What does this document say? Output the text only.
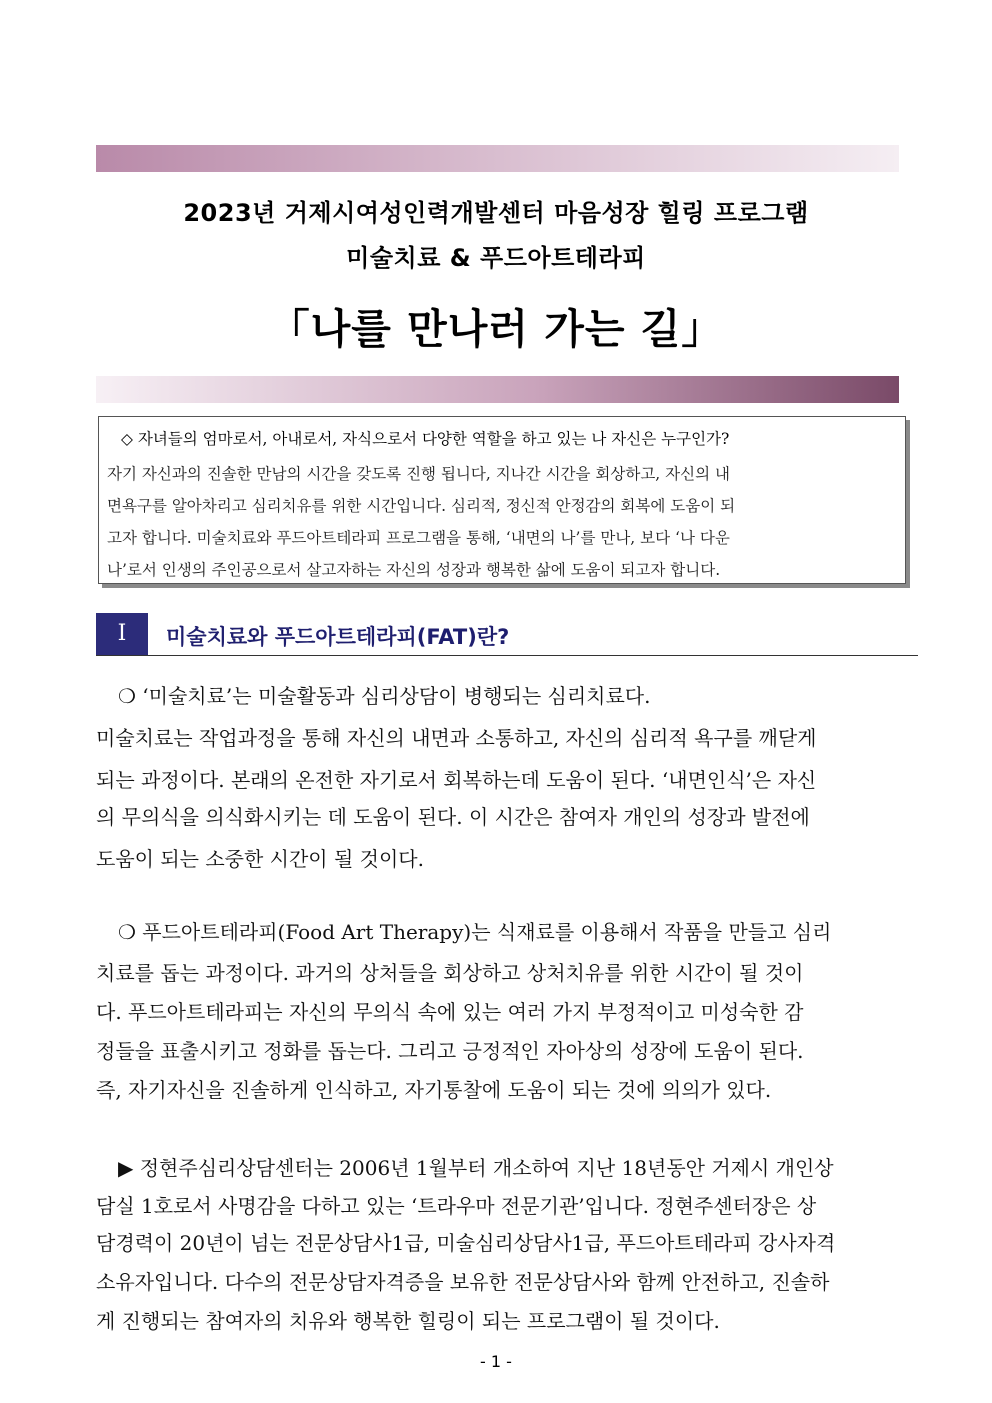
2023년 거제시여성인력개발센터 마음성장 힐링 프로그램
미술치료 & 푸드아트테라피
「나를 만나러 가는 길」
◇ 자녀들의 엄마로서, 아내로서, 자식으로서 다양한 역할을 하고 있는 나 자신은 누구인가?
자기 자신과의 진솔한 만남의 시간을 갖도록 진행 됩니다, 지나간 시간을 회상하고, 자신의 내
면욕구를 알아차리고 심리치유를 위한 시간입니다. 심리적, 정신적 안정감의 회복에 도움이 되
고자 합니다. 미술치료와 푸드아트테라피 프로그램을 통해, ‘내면의 나’를 만나, 보다 ‘나 다운
나’로서 인생의 주인공으로서 살고자하는 자신의 성장과 행복한 삶에 도움이 되고자 합니다.
I	미술치료와 푸드아트테라피(FAT)란?
❍ ‘미술치료’는 미술활동과 심리상담이 병행되는 심리치료다.
미술치료는 작업과정을 통해 자신의 내면과 소통하고, 자신의 심리적 욕구를 깨닫게
되는 과정이다. 본래의 온전한 자기로서 회복하는데 도움이 된다. ‘내면인식’은 자신
의 무의식을 의식화시키는 데 도움이 된다. 이 시간은 참여자 개인의 성장과 발전에
도움이 되는 소중한 시간이 될 것이다.
❍ 푸드아트테라피(Food Art Therapy)는 식재료를 이용해서 작품을 만들고 심리
치료를 돕는 과정이다. 과거의 상처들을 회상하고 상처치유를 위한 시간이 될 것이
다. 푸드아트테라피는 자신의 무의식 속에 있는 여러 가지 부정적이고 미성숙한 감
정들을 표출시키고 정화를 돕는다. 그리고 긍정적인 자아상의 성장에 도움이 된다.
즉, 자기자신을 진솔하게 인식하고, 자기통찰에 도움이 되는 것에 의의가 있다.
▶ 정현주심리상담센터는 2006년 1월부터 개소하여 지난 18년동안 거제시 개인상
담실 1호로서 사명감을 다하고 있는 ‘트라우마 전문기관’입니다. 정현주센터장은 상
담경력이 20년이 넘는 전문상담사1급, 미술심리상담사1급, 푸드아트테라피 강사자격
소유자입니다. 다수의 전문상담자격증을 보유한 전문상담사와 함께 안전하고, 진솔하
게 진행되는 참여자의 치유와 행복한 힐링이 되는 프로그램이 될 것이다.
- 1 -
